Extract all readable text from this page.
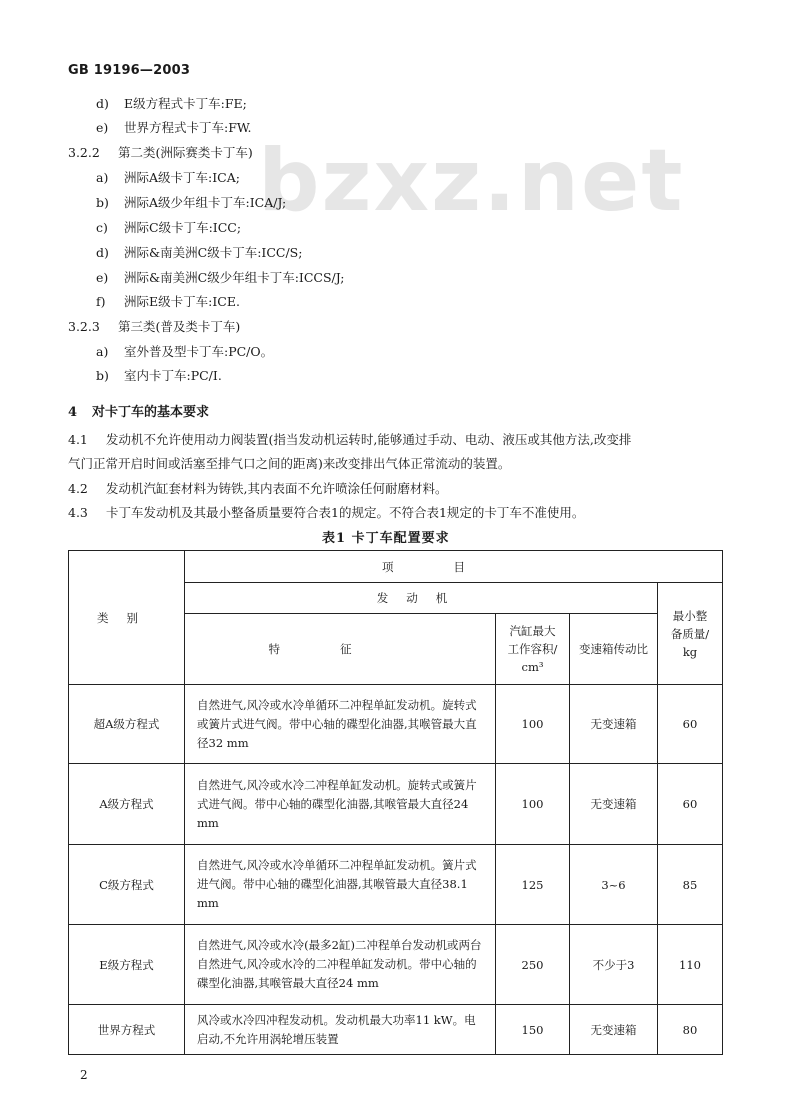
bzxz.net
GB 19196—2003
d) E级方程式卡丁车:FE;
e) 世界方程式卡丁车:FW.
3.2.2 第二类(洲际赛类卡丁车)
a) 洲际A级卡丁车:ICA;
b) 洲际A级少年组卡丁车:ICA/J;
c) 洲际C级卡丁车:ICC;
d) 洲际&南美洲C级卡丁车:ICC/S;
e) 洲际&南美洲C级少年组卡丁车:ICCS/J;
f) 洲际E级卡丁车:ICE.
3.2.3 第三类(普及类卡丁车)
a) 室外普及型卡丁车:PC/O。
b) 室内卡丁车:PC/I.
4 对卡丁车的基本要求
4.1 发动机不允许使用动力阀装置(指当发动机运转时,能够通过手动、电动、液压或其他方法,改变排
气门正常开启时间或活塞至排气口之间的距离)来改变排出气体正常流动的装置。
4.2 发动机汽缸套材料为铸铁,其内表面不允许喷涂任何耐磨材料。
4.3 卡丁车发动机及其最小整备质量要符合表1的规定。不符合表1规定的卡丁车不准使用。
表1 卡丁车配置要求
类别	项目			
	发动机			最小整
备质量/
kg

	特征	汽缸最大
工作容积/
cm³	变速箱传动比	
超A级方程式	自然进气,风冷或水冷单循环二冲程单缸发动机。旋转式或簧片式进气阀。带中心轴的碟型化油器,其喉管最大直径32 mm	100	无变速箱	60
A级方程式	自然进气,风冷或水冷二冲程单缸发动机。旋转式或簧片式进气阀。带中心轴的碟型化油器,其喉管最大直径24 mm	100	无变速箱	60
C级方程式	自然进气,风冷或水冷单循环二冲程单缸发动机。簧片式进气阀。带中心轴的碟型化油器,其喉管最大直径38.1 mm	125	3~6	85
E级方程式	自然进气,风冷或水冷(最多2缸)二冲程单台发动机或两台自然进气,风冷或水冷的二冲程单缸发动机。带中心轴的碟型化油器,其喉管最大直径24 mm	250	不少于3	110
世界方程式	风冷或水冷四冲程发动机。发动机最大功率11 kW。电启动,不允许用涡轮增压装置	150	无变速箱	80
2
